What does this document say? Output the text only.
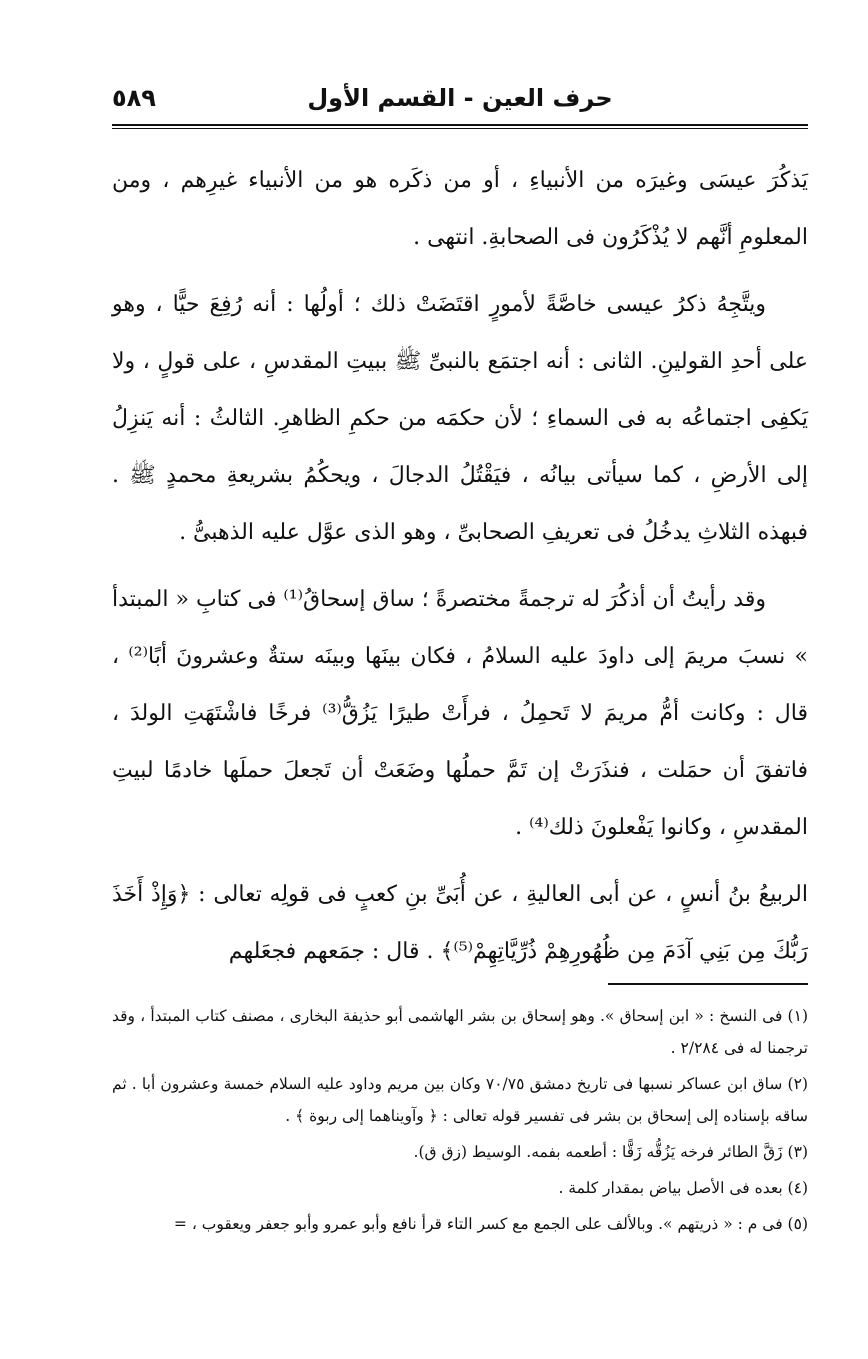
حرف العين - القسم الأول
٥٨٩

يَذكُرَ عيسَى وغيرَه من الأنبياءِ ، أو من ذكَره هو من الأنبياء غيرِهم ، ومن المعلومِ أنَّهم لا يُذْكَرُون فى الصحابةِ. انتهى .

ويتَّجِهُ ذكرُ عيسى خاصَّةً لأمورٍ اقتَضَتْ ذلك ؛ أولُها : أنه رُفِعَ حيًّا ، وهو على أحدِ القولينِ. الثانى : أنه اجتمَع بالنبىِّ ﷺ ببيتِ المقدسِ ، على قولٍ ، ولا يَكفِى اجتماعُه به فى السماءِ ؛ لأن حكمَه من حكمِ الظاهرِ. الثالثُ : أنه يَنزِلُ إلى الأرضِ ، كما سيأتى بيانُه ، فيَقْتُلُ الدجالَ ، ويحكُمُ بشريعةِ محمدٍ ﷺ . فبهذه الثلاثِ يدخُلُ فى تعريفِ الصحابىِّ ، وهو الذى عوَّل عليه الذهبىُّ .

وقد رأيتُ أن أذكُرَ له ترجمةً مختصرةً ؛ ساق إسحاقُ⁽¹⁾ فى كتابِ « المبتدأ » نسبَ مريمَ إلى داودَ عليه السلامُ ، فكان بينَها وبينَه ستةٌ وعشرونَ أبًا⁽²⁾ ، قال : وكانت أمُّ مريمَ لا تَحمِلُ ، فرأَتْ طيرًا يَزُقُّ⁽³⁾ فرخًا فاشْتَهَتِ الولدَ ، فاتفقَ أن حمَلت ، فنذَرَتْ إن تَمَّ حملُها وضَعَتْ أن تَجعلَ حملَها خادمًا لبيتِ المقدسِ ، وكانوا يَفْعلونَ ذلك⁽⁴⁾ .

الربيعُ بنُ أنسٍ ، عن أبى العاليةِ ، عن أُبَىِّ بنِ كعبٍ فى قولِه تعالى : ﴿وَإِذْ أَخَذَ رَبُّكَ مِن بَنِي آدَمَ مِن ظُهُورِهِمْ ذُرِّيَّاتِهِمْ⁽⁵⁾﴾ . قال : جمَعهم فجعَلهم

(١) فى النسخ : « ابن إسحاق ». وهو إسحاق بن بشر الهاشمى أبو حذيفة البخارى ، مصنف كتاب المبتدأ ، وقد ترجمنا له فى ٢/٢٨٤ .

(٢) ساق ابن عساكر نسبها فى تاريخ دمشق ٧٠/٧٥ وكان بين مريم وداود عليه السلام خمسة وعشرون أبا . ثم ساقه بإسناده إلى إسحاق بن بشر فى تفسير قوله تعالى : ﴿ وآويناهما إلى ربوة ﴾ .

(٣) زَقَّ الطائر فرخه يَزُقُّه زَقًّا : أطعمه بفمه. الوسيط (زق ق).

(٤) بعده فى الأصل بياض بمقدار كلمة .

(٥) فى م : « ذريتهم ». وبالألف على الجمع مع كسر التاء قرأ نافع وأبو عمرو وأبو جعفر ويعقوب ، =
